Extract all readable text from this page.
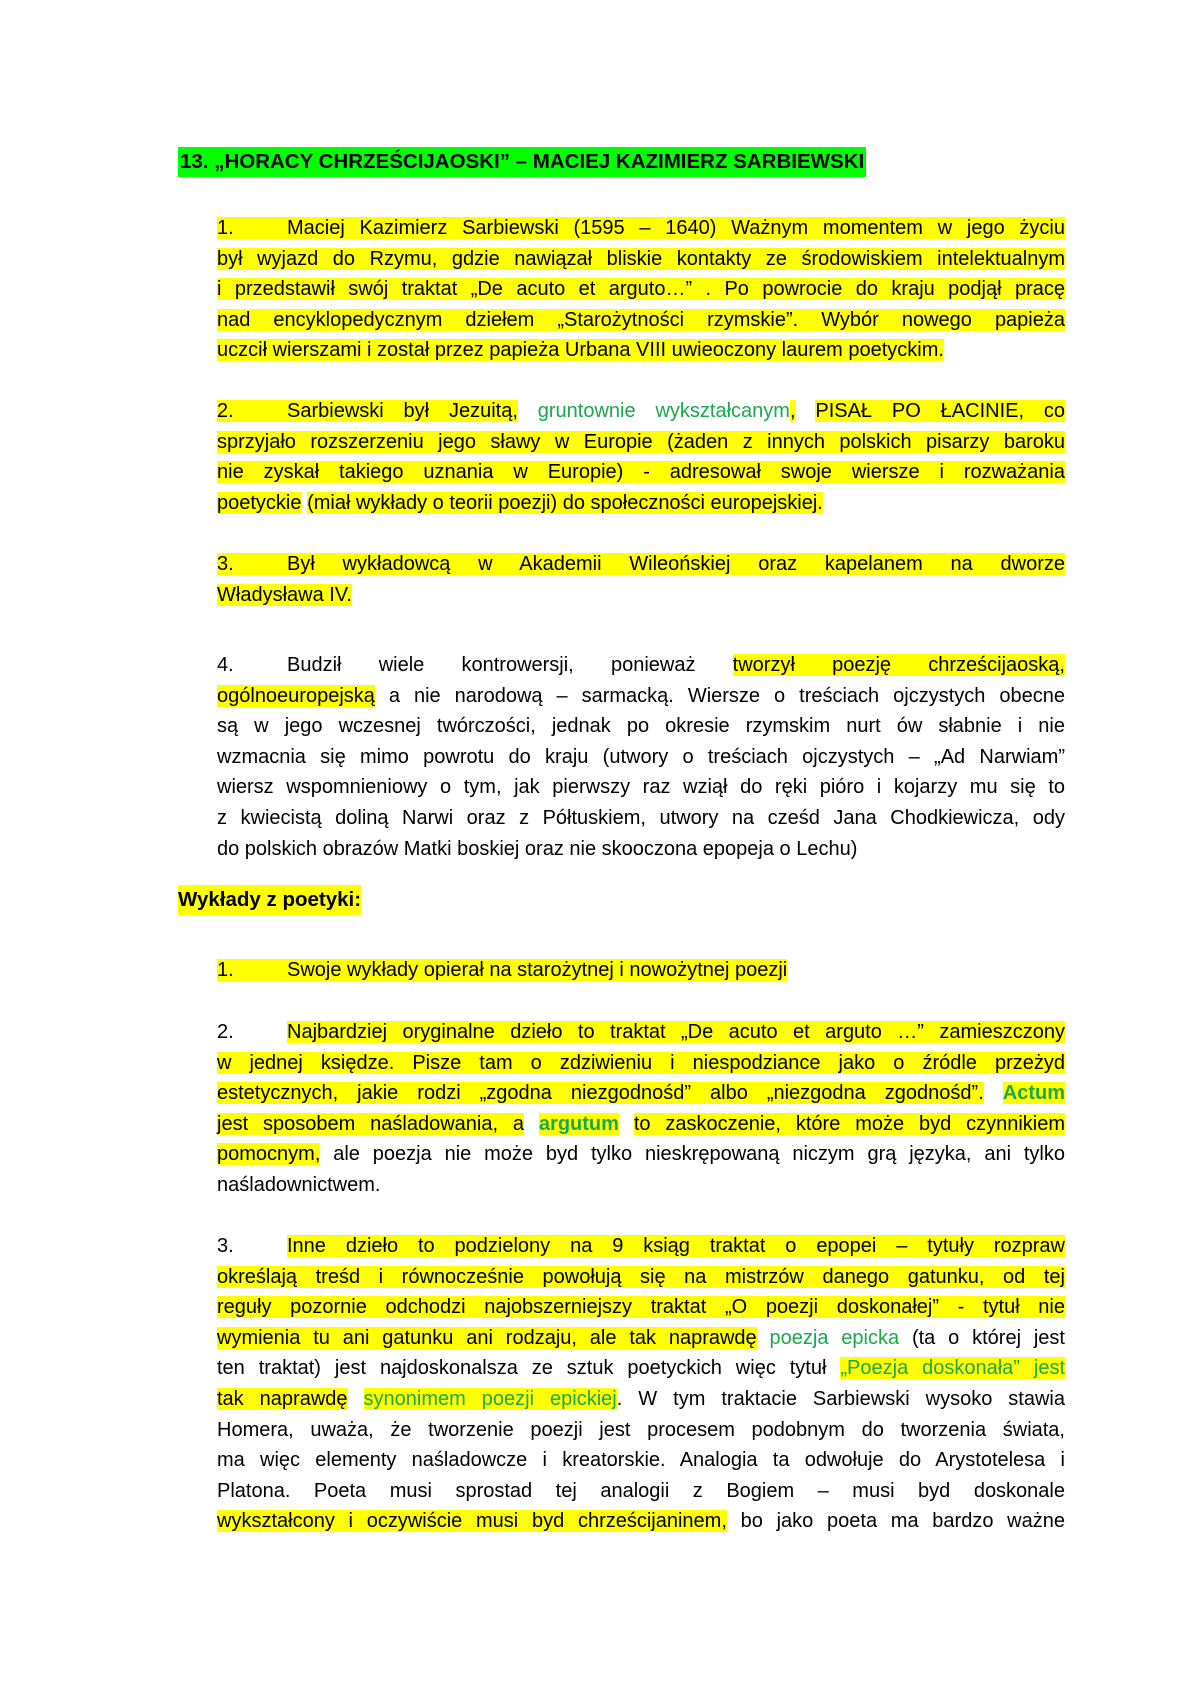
13. „HORACY CHRZEŚCIJAOSKI” – MACIEJ KAZIMIERZ SARBIEWSKI
1.	Maciej Kazimierz Sarbiewski (1595 – 1640) Ważnym momentem w jego życiu
był wyjazd do Rzymu, gdzie nawiązał bliskie kontakty ze środowiskiem intelektualnym
i przedstawił swój traktat „De acuto et arguto…” . Po powrocie do kraju podjął pracę
nad encyklopedycznym dziełem „Starożytności rzymskie”. Wybór nowego papieża
uczcił wierszami i został przez papieża Urbana VIII uwieoczony laurem poetyckim.
2.	Sarbiewski był Jezuitą, gruntownie wykształcanym, PISAŁ PO ŁACINIE, co
sprzyjało rozszerzeniu jego sławy w Europie (żaden z innych polskich pisarzy baroku
nie zyskał takiego uznania w Europie) - adresował swoje wiersze i rozważania
poetyckie (miał wykłady o teorii poezji) do społeczności europejskiej.
3.	Był wykładowcą w Akademii Wileońskiej oraz kapelanem na dworze
Władysława IV.
4.	Budził wiele kontrowersji, ponieważ tworzył poezję chrześcijaoską,
ogólnoeuropejską a nie narodową – sarmacką. Wiersze o treściach ojczystych obecne
są w jego wczesnej twórczości, jednak po okresie rzymskim nurt ów słabnie i nie
wzmacnia się mimo powrotu do kraju (utwory o treściach ojczystych – „Ad Narwiam”
wiersz wspomnieniowy o tym, jak pierwszy raz wziął do ręki pióro i kojarzy mu się to
z kwiecistą doliną Narwi oraz z Półtuskiem, utwory na cześd Jana Chodkiewicza, ody
do polskich obrazów Matki boskiej oraz nie skooczona epopeja o Lechu)
Wykłady z poetyki:
1.	Swoje wykłady opierał na starożytnej i nowożytnej poezji
2.	Najbardziej oryginalne dzieło to traktat „De acuto et arguto …” zamieszczony
w jednej księdze. Pisze tam o zdziwieniu i niespodziance jako o źródle przeżyd
estetycznych, jakie rodzi „zgodna niezgodnośd” albo „niezgodna zgodnośd”. Actum
jest sposobem naśladowania, a argutum to zaskoczenie, które może byd czynnikiem
pomocnym, ale poezja nie może byd tylko nieskrępowaną niczym grą języka, ani tylko
naśladownictwem.
3.	Inne dzieło to podzielony na 9 ksiąg traktat o epopei – tytuły rozpraw
określają treśd i równocześnie powołują się na mistrzów danego gatunku, od tej
reguły pozornie odchodzi najobszerniejszy traktat „O poezji doskonałej” - tytuł nie
wymienia tu ani gatunku ani rodzaju, ale tak naprawdę poezja epicka (ta o której jest
ten traktat) jest najdoskonalsza ze sztuk poetyckich więc tytuł „Poezja doskonała” jest
tak naprawdę synonimem poezji epickiej. W tym traktacie Sarbiewski wysoko stawia
Homera, uważa, że tworzenie poezji jest procesem podobnym do tworzenia świata,
ma więc elementy naśladowcze i kreatorskie. Analogia ta odwołuje do Arystotelesa i
Platona. Poeta musi sprostad tej analogii z Bogiem – musi byd doskonale
wykształcony i oczywiście musi byd chrześcijaninem, bo jako poeta ma bardzo ważne
